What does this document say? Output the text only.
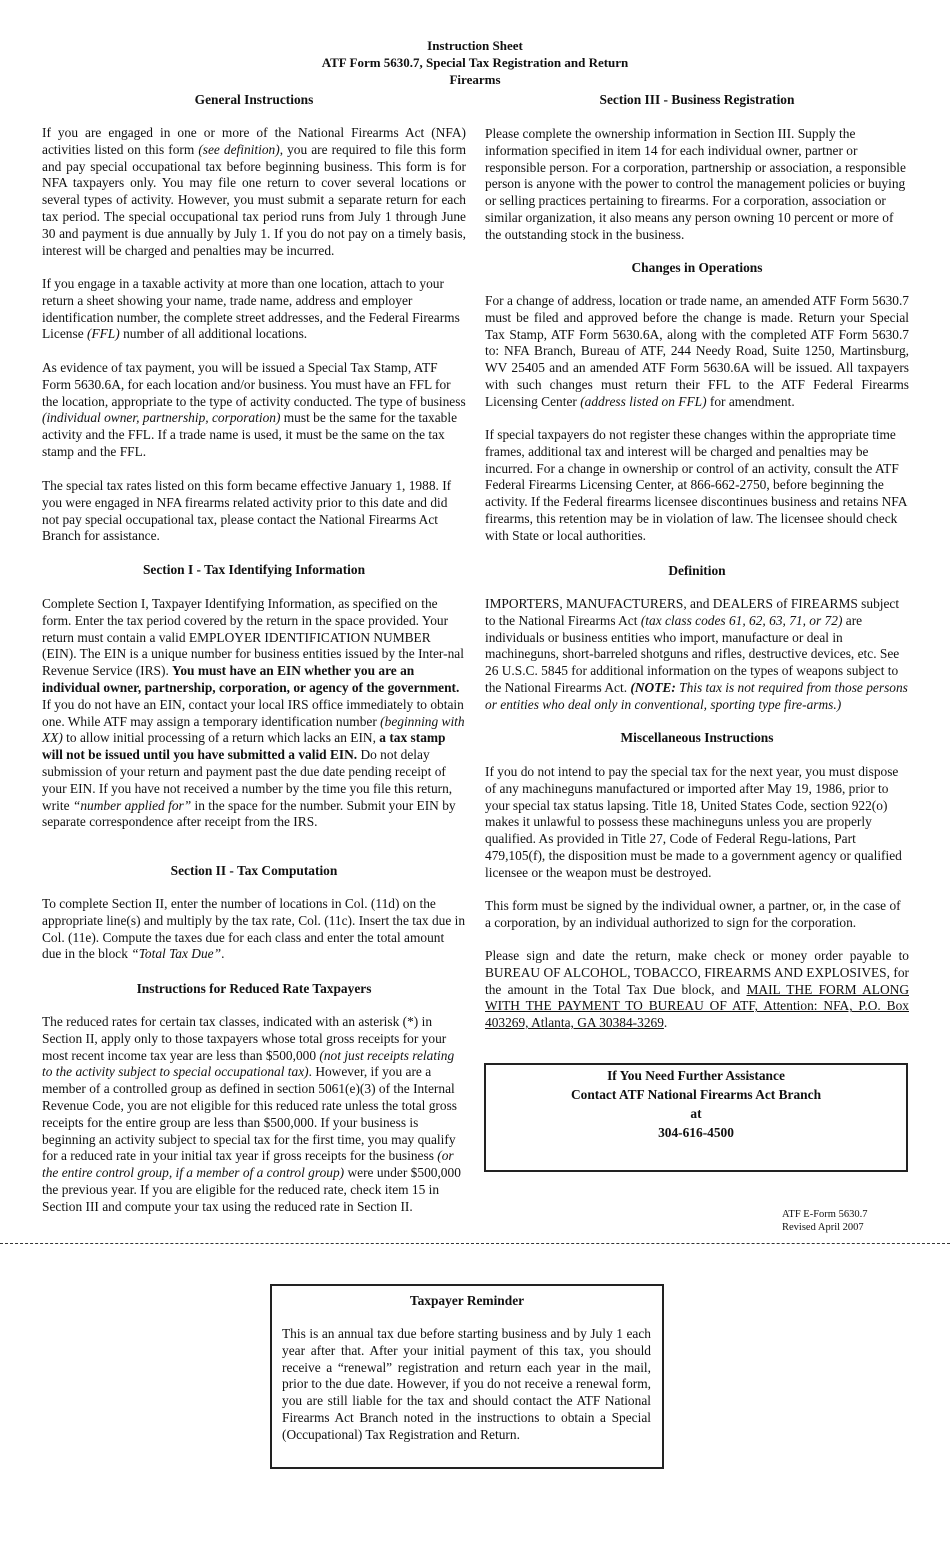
Instruction Sheet
ATF Form 5630.7, Special Tax Registration and Return
Firearms
General Instructions

If you are engaged in one or more of the National Firearms Act (NFA) activities listed on this form (see definition), you are required to file this form and pay special occupational tax before beginning business. This form is for NFA taxpayers only. You may file one return to cover several locations or several types of activity. However, you must submit a separate return for each tax period. The special occupational tax period runs from July 1 through June 30 and payment is due annually by July 1. If you do not pay on a timely basis, interest will be charged and penalties may be incurred.

If you engage in a taxable activity at more than one location, attach to your return a sheet showing your name, trade name, address and employer identification number, the complete street addresses, and the Federal Firearms License (FFL) number of all additional locations.

As evidence of tax payment, you will be issued a Special Tax Stamp, ATF Form 5630.6A, for each location and/or business. You must have an FFL for the location, appropriate to the type of activity conducted. The type of business (individual owner, partnership, corporation) must be the same for the taxable activity and the FFL. If a trade name is used, it must be the same on the tax stamp and the FFL.

The special tax rates listed on this form became effective January 1, 1988. If you were engaged in NFA firearms related activity prior to this date and did not pay special occupational tax, please contact the National Firearms Act Branch for assistance.

Section I - Tax Identifying Information

Complete Section I, Taxpayer Identifying Information, as specified on the form. Enter the tax period covered by the return in the space provided. Your return must contain a valid EMPLOYER IDENTIFICATION NUMBER (EIN). The EIN is a unique number for business entities issued by the Inter-nal Revenue Service (IRS). You must have an EIN whether you are an individual owner, partnership, corporation, or agency of the government. If you do not have an EIN, contact your local IRS office immediately to obtain one. While ATF may assign a temporary identification number (beginning with XX) to allow initial processing of a return which lacks an EIN, a tax stamp will not be issued until you have submitted a valid EIN. Do not delay submission of your return and payment past the due date pending receipt of your EIN. If you have not received a number by the time you file this return, write “number applied for” in the space for the number. Submit your EIN by separate correspondence after receipt from the IRS.

Section II - Tax Computation

To complete Section II, enter the number of locations in Col. (11d) on the appropriate line(s) and multiply by the tax rate, Col. (11c). Insert the tax due in Col. (11e). Compute the taxes due for each class and enter the total amount due in the block “Total Tax Due”.

Instructions for Reduced Rate Taxpayers

The reduced rates for certain tax classes, indicated with an asterisk (*) in Section II, apply only to those taxpayers whose total gross receipts for your most recent income tax year are less than $500,000 (not just receipts relating to the activity subject to special occupational tax). However, if you are a member of a controlled group as defined in section 5061(e)(3) of the Internal Revenue Code, you are not eligible for this reduced rate unless the total gross receipts for the entire group are less than $500,000. If your business is beginning an activity subject to special tax for the first time, you may qualify for a reduced rate in your initial tax year if gross receipts for the business (or the entire control group, if a member of a control group) were under $500,000 the previous year. If you are eligible for the reduced rate, check item 15 in Section III and compute your tax using the reduced rate in Section II.

Section III - Business Registration

Please complete the ownership information in Section III. Supply the information specified in item 14 for each individual owner, partner or responsible person. For a corporation, partnership or association, a responsible person is anyone with the power to control the management policies or buying or selling practices pertaining to firearms. For a corporation, association or similar organization, it also means any person owning 10 percent or more of the outstanding stock in the business.

Changes in Operations

For a change of address, location or trade name, an amended ATF Form 5630.7 must be filed and approved before the change is made. Return your Special Tax Stamp, ATF Form 5630.6A, along with the completed ATF Form 5630.7 to: NFA Branch, Bureau of ATF, 244 Needy Road, Suite 1250, Martinsburg, WV 25405 and an amended ATF Form 5630.6A will be issued. All taxpayers with such changes must return their FFL to the ATF Federal Firearms Licensing Center (address listed on FFL) for amendment.

If special taxpayers do not register these changes within the appropriate time frames, additional tax and interest will be charged and penalties may be incurred. For a change in ownership or control of an activity, consult the ATF Federal Firearms Licensing Center, at 866-662-2750, before beginning the activity. If the Federal firearms licensee discontinues business and retains NFA firearms, this retention may be in violation of law. The licensee should check with State or local authorities.

Definition

IMPORTERS, MANUFACTURERS, and DEALERS of FIREARMS subject to the National Firearms Act (tax class codes 61, 62, 63, 71, or 72) are individuals or business entities who import, manufacture or deal in machineguns, short-barreled shotguns and rifles, destructive devices, etc. See 26 U.S.C. 5845 for additional information on the types of weapons subject to the National Firearms Act. (NOTE: This tax is not required from those persons or entities who deal only in conventional, sporting type fire-arms.)

Miscellaneous Instructions

If you do not intend to pay the special tax for the next year, you must dispose of any machineguns manufactured or imported after May 19, 1986, prior to your special tax status lapsing. Title 18, United States Code, section 922(o) makes it unlawful to possess these machineguns unless you are properly qualified. As provided in Title 27, Code of Federal Regu-lations, Part 479,105(f), the disposition must be made to a government agency or qualified licensee or the weapon must be destroyed.

This form must be signed by the individual owner, a partner, or, in the case of a corporation, by an individual authorized to sign for the corporation.

Please sign and date the return, make check or money order payable to BUREAU OF ALCOHOL, TOBACCO, FIREARMS AND EXPLOSIVES, for the amount in the Total Tax Due block, and MAIL THE FORM ALONG WITH THE PAYMENT TO BUREAU OF ATF, Attention: NFA, P.O. Box 403269, Atlanta, GA 30384-3269.

If You Need Further Assistance
Contact ATF National Firearms Act Branch
at
304-616-4500
ATF E-Form 5630.7
Revised April 2007
Taxpayer Reminder

This is an annual tax due before starting business and by July 1 each year after that. After your initial payment of this tax, you should receive a “renewal” registration and return each year in the mail, prior to the due date. However, if you do not receive a renewal form, you are still liable for the tax and should contact the ATF National Firearms Act Branch noted in the instructions to obtain a Special (Occupational) Tax Registration and Return.
